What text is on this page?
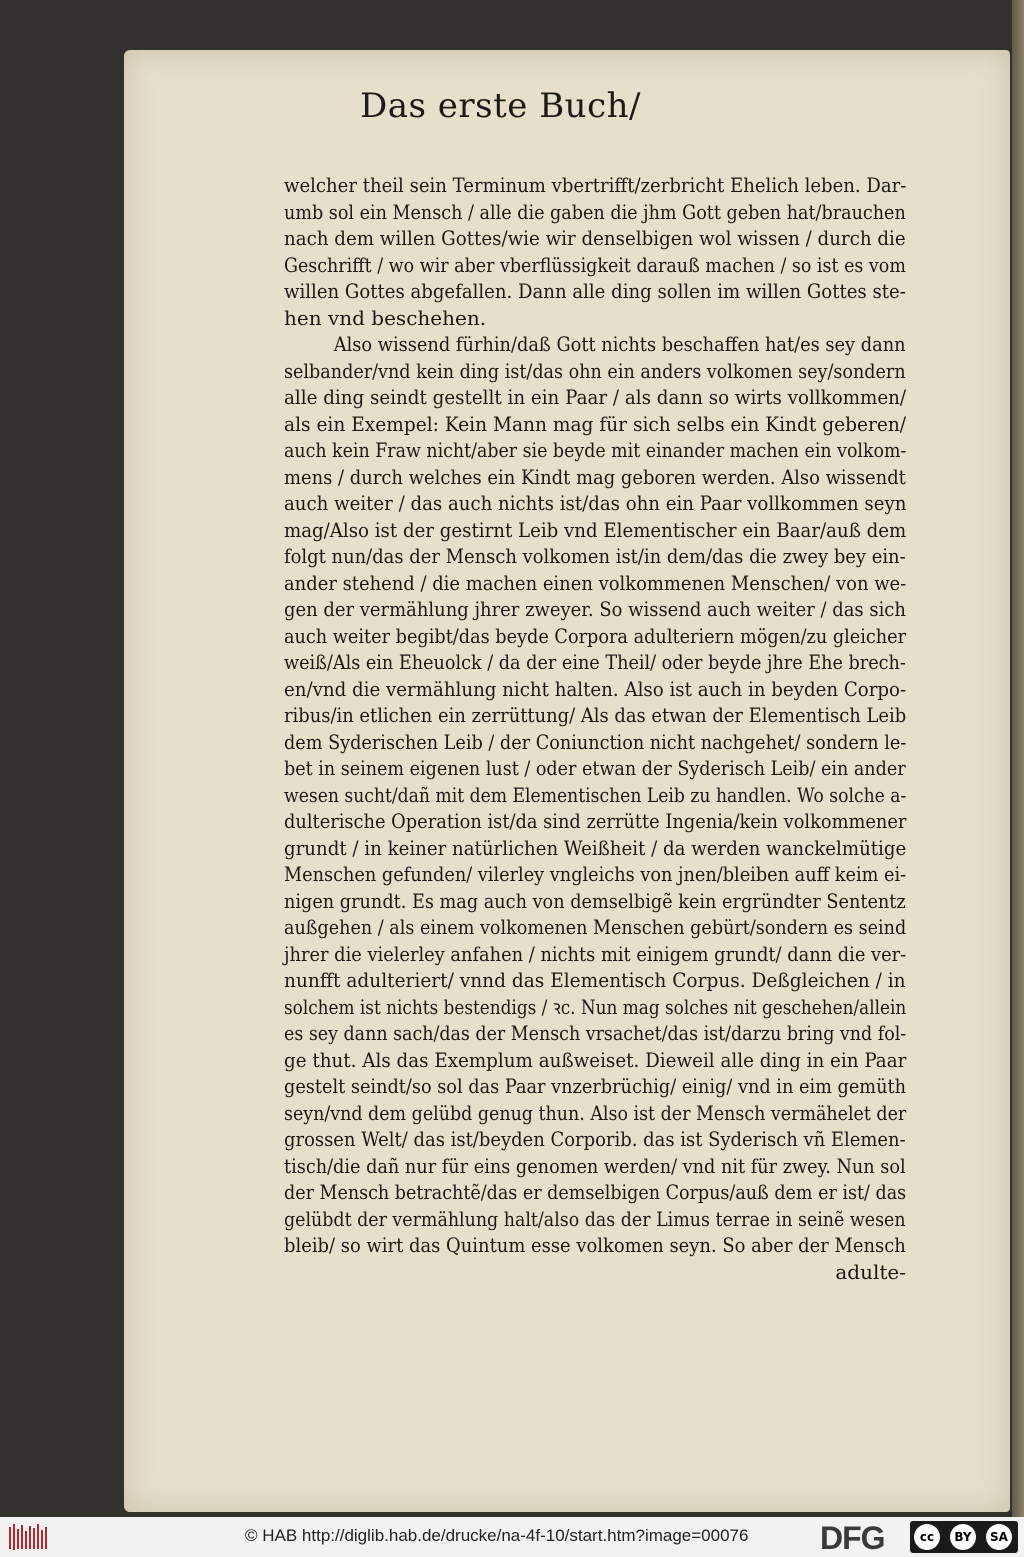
Das erste Buch/
welcher theil sein Terminum vbertrifft/zerbricht Ehelich leben. Dar-
umb sol ein Mensch / alle die gaben die jhm Gott geben hat/brauchen
nach dem willen Gottes/wie wir denselbigen wol wissen / durch die
Geschrifft / wo wir aber vberflüssigkeit darauß machen / so ist es vom
willen Gottes abgefallen. Dann alle ding sollen im willen Gottes ste-
hen vnd beschehen.
Also wissend fürhin/daß Gott nichts beschaffen hat/es sey dann
selbander/vnd kein ding ist/das ohn ein anders volkomen sey/sondern
alle ding seindt gestellt in ein Paar / als dann so wirts vollkommen/
als ein Exempel: Kein Mann mag für sich selbs ein Kindt geberen/
auch kein Fraw nicht/aber sie beyde mit einander machen ein volkom-
mens / durch welches ein Kindt mag geboren werden. Also wissendt
auch weiter / das auch nichts ist/das ohn ein Paar vollkommen seyn
mag/Also ist der gestirnt Leib vnd Elementischer ein Baar/auß dem
folgt nun/das der Mensch volkomen ist/in dem/das die zwey bey ein-
ander stehend / die machen einen volkommenen Menschen/ von we-
gen der vermählung jhrer zweyer. So wissend auch weiter / das sich
auch weiter begibt/das beyde Corpora adulteriern mögen/zu gleicher
weiß/Als ein Eheuolck / da der eine Theil/ oder beyde jhre Ehe brech-
en/vnd die vermählung nicht halten. Also ist auch in beyden Corpo-
ribus/in etlichen ein zerrüttung/ Als das etwan der Elementisch Leib
dem Syderischen Leib / der Coniunction nicht nachgehet/ sondern le-
bet in seinem eigenen lust / oder etwan der Syderisch Leib/ ein ander
wesen sucht/dañ mit dem Elementischen Leib zu handlen. Wo solche a-
dulterische Operation ist/da sind zerrütte Ingenia/kein volkommener
grundt / in keiner natürlichen Weißheit / da werden wanckelmütige
Menschen gefunden/ vilerley vngleichs von jnen/bleiben auff keim ei-
nigen grundt. Es mag auch von demselbigẽ kein ergründter Sententz
außgehen / als einem volkomenen Menschen gebürt/sondern es seind
jhrer die vielerley anfahen / nichts mit einigem grundt/ dann die ver-
nunfft adulteriert/ vnnd das Elementisch Corpus. Deßgleichen / in
solchem ist nichts bestendigs / ꝛc. Nun mag solches nit geschehen/allein
es sey dann sach/das der Mensch vrsachet/das ist/darzu bring vnd fol-
ge thut. Als das Exemplum außweiset. Dieweil alle ding in ein Paar
gestelt seindt/so sol das Paar vnzerbrüchig/ einig/ vnd in eim gemüth
seyn/vnd dem gelübd genug thun. Also ist der Mensch vermähelet der
grossen Welt/ das ist/beyden Corporib. das ist Syderisch vñ Elemen-
tisch/die dañ nur für eins genomen werden/ vnd nit für zwey. Nun sol
der Mensch betrachtẽ/das er demselbigen Corpus/auß dem er ist/ das
gelübdt der vermählung halt/also das der Limus terrae in seinẽ wesen
bleib/ so wirt das Quintum esse volkomen seyn. So aber der Mensch
adulte-
© HAB http://diglib.hab.de/drucke/na-4f-10/start.htm?image=00076 DFG	cc	BY	SA
